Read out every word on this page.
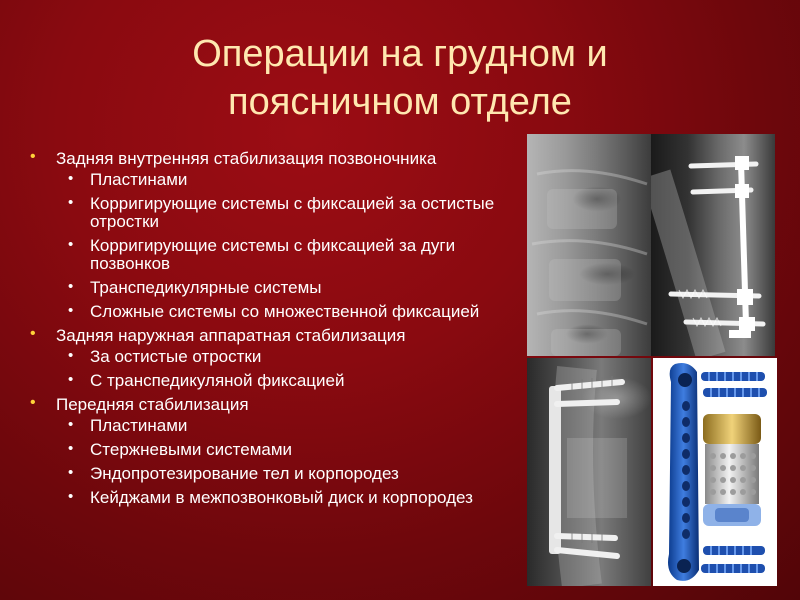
Операции на грудном и
поясничном отделе
• Задняя внутренняя стабилизация позвоночника
• Пластинами
• Корригирующие системы с фиксацией за остистые отростки
• Корригирующие системы с фиксацией за дуги позвонков
• Транспедикулярные системы
• Сложные системы со множественной фиксацией
• Задняя наружная аппаратная стабилизация
• За остистые отростки
• С транспедикуляной фиксацией
• Передняя стабилизация
• Пластинами
• Стержневыми системами
• Эндопротезирование тел и корпородез
• Кейджами в межпозвонковый диск и корпородез
